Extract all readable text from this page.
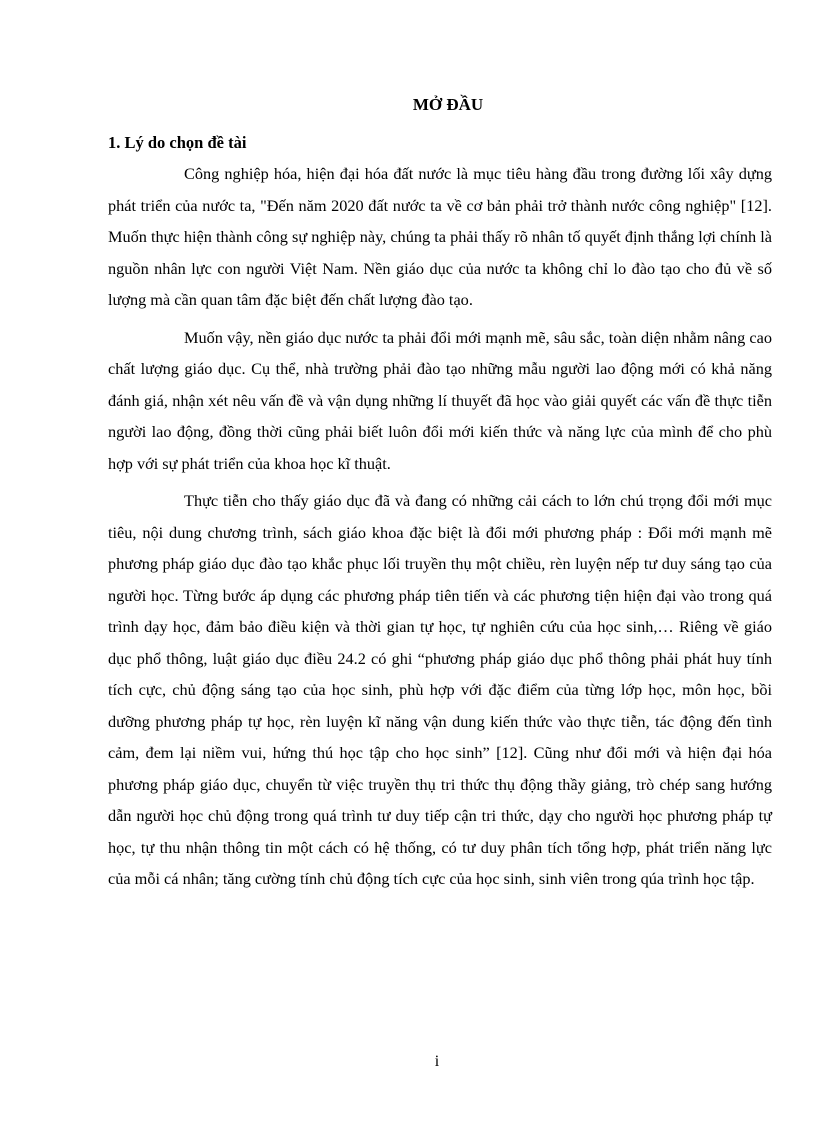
MỞ ĐẦU
1. Lý do chọn đề tài

Công nghiệp hóa, hiện đại hóa đất nước là mục tiêu hàng đầu trong đường lối xây dựng phát triển của nước ta, "Đến năm 2020 đất nước ta về cơ bản phải trở thành nước công nghiệp" [12]. Muốn thực hiện thành công sự nghiệp này, chúng ta phải thấy rõ nhân tố quyết định thắng lợi chính là nguồn nhân lực con người Việt Nam. Nền giáo dục của nước ta không chỉ lo đào tạo cho đủ về số lượng mà cần quan tâm đặc biệt đến chất lượng đào tạo.

Muốn vậy, nền giáo dục nước ta phải đổi mới mạnh mẽ, sâu sắc, toàn diện nhằm nâng cao chất lượng giáo dục. Cụ thể, nhà trường phải đào tạo những mẫu người lao động mới có khả năng đánh giá, nhận xét nêu vấn đề và vận dụng những lí thuyết đã học vào giải quyết các vấn đề thực tiễn người lao động, đồng thời cũng phải biết luôn đổi mới kiến thức và năng lực của mình để cho phù hợp với sự phát triển của khoa học kĩ thuật.

Thực tiễn cho thấy giáo dục đã và đang có những cải cách to lớn chú trọng đổi mới mục tiêu, nội dung chương trình, sách giáo khoa đặc biệt là đổi mới phương pháp : Đổi mới mạnh mẽ phương pháp giáo dục đào tạo khắc phục lối truyền thụ một chiều, rèn luyện nếp tư duy sáng tạo của người học. Từng bước áp dụng các phương pháp tiên tiến và các phương tiện hiện đại vào trong quá trình dạy học, đảm bảo điều kiện và thời gian tự học, tự nghiên cứu của học sinh,… Riêng về giáo dục phổ thông, luật giáo dục điều 24.2 có ghi “phương pháp giáo dục phổ thông phải phát huy tính tích cực, chủ động sáng tạo của học sinh, phù hợp với đặc điểm của từng lớp học, môn học, bồi dưỡng phương pháp tự học, rèn luyện kĩ năng vận dung kiến thức vào thực tiễn, tác động đến tình cảm, đem lại niềm vui, hứng thú học tập cho học sinh” [12]. Cũng như đổi mới và hiện đại hóa phương pháp giáo dục, chuyển từ việc truyền thụ tri thức thụ động thầy giảng, trò chép sang hướng dẫn người học chủ động trong quá trình tư duy tiếp cận tri thức, dạy cho người học phương pháp tự học, tự thu nhận thông tin một cách có hệ thống, có tư duy phân tích tổng hợp, phát triển năng lực của mỗi cá nhân; tăng cường tính chủ động tích cực của học sinh, sinh viên trong qúa trình học tập.

i
